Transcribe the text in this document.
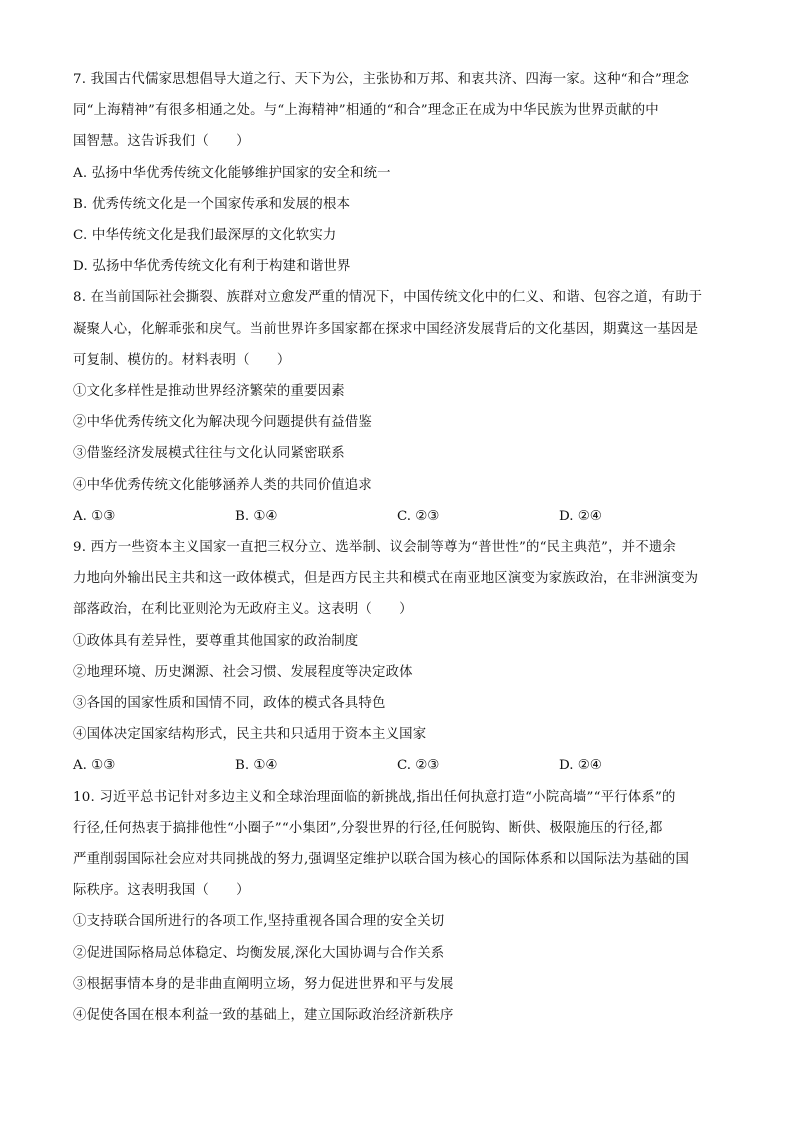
7. 我国古代儒家思想倡导大道之行、天下为公，主张协和万邦、和衷共济、四海一家。这种“和合”理念
同“上海精神”有很多相通之处。与“上海精神”相通的“和合”理念正在成为中华民族为世界贡献的中
国智慧。这告诉我们（　　）
A. 弘扬中华优秀传统文化能够维护国家的安全和统一
B. 优秀传统文化是一个国家传承和发展的根本
C. 中华传统文化是我们最深厚的文化软实力
D. 弘扬中华优秀传统文化有利于构建和谐世界
8. 在当前国际社会撕裂、族群对立愈发严重的情况下，中国传统文化中的仁义、和谐、包容之道，有助于
凝聚人心，化解乖张和戾气。当前世界许多国家都在探求中国经济发展背后的文化基因，期冀这一基因是
可复制、模仿的。材料表明（　　）
①文化多样性是推动世界经济繁荣的重要因素
②中华优秀传统文化为解决现今问题提供有益借鉴
③借鉴经济发展模式往往与文化认同紧密联系
④中华优秀传统文化能够涵养人类的共同价值追求
A. ①③	B. ①④	C. ②③	D. ②④
9. 西方一些资本主义国家一直把三权分立、选举制、议会制等尊为“普世性”的“民主典范”，并不遗余
力地向外输出民主共和这一政体模式，但是西方民主共和模式在南亚地区演变为家族政治，在非洲演变为
部落政治，在利比亚则沦为无政府主义。这表明（　　）
①政体具有差异性，要尊重其他国家的政治制度
②地理环境、历史渊源、社会习惯、发展程度等决定政体
③各国的国家性质和国情不同，政体的模式各具特色
④国体决定国家结构形式，民主共和只适用于资本主义国家
A. ①③	B. ①④	C. ②③	D. ②④
10. 习近平总书记针对多边主义和全球治理面临的新挑战,指出任何执意打造“小院高墙”“平行体系”的
行径,任何热衷于搞排他性“小圈子”“小集团”,分裂世界的行径,任何脱钩、断供、极限施压的行径,都
严重削弱国际社会应对共同挑战的努力,强调坚定维护以联合国为核心的国际体系和以国际法为基础的国
际秩序。这表明我国（　　）
①支持联合国所进行的各项工作,坚持重视各国合理的安全关切
②促进国际格局总体稳定、均衡发展,深化大国协调与合作关系
③根据事情本身的是非曲直阐明立场，努力促进世界和平与发展
④促使各国在根本利益一致的基础上，建立国际政治经济新秩序
